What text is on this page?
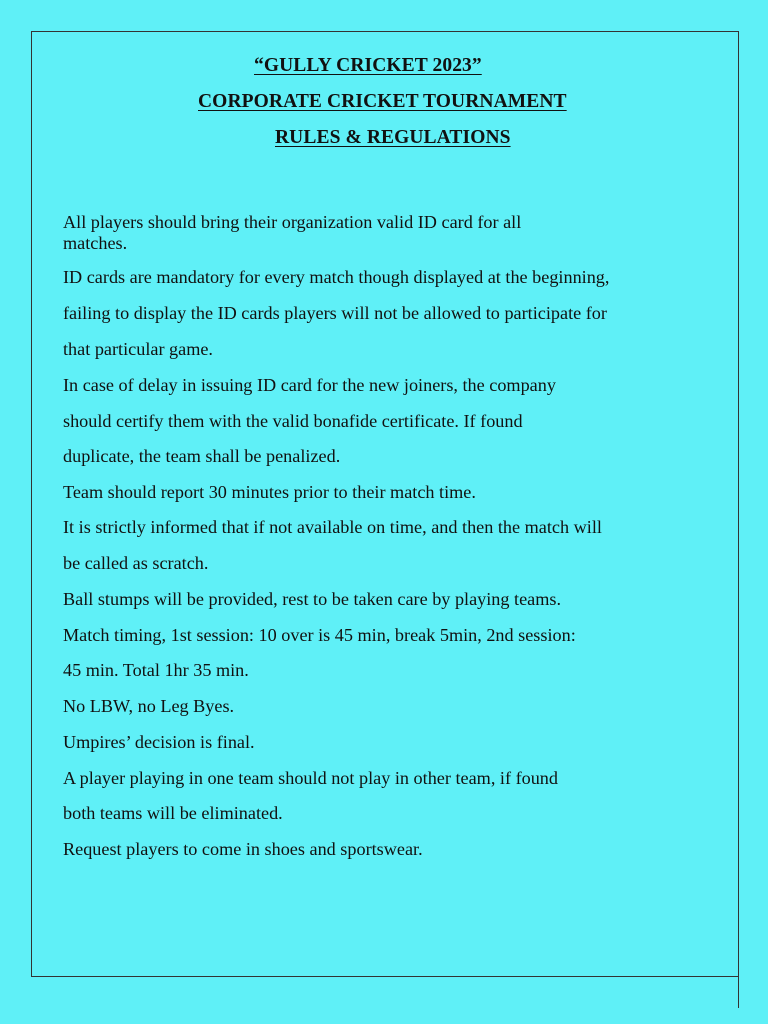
“GULLY CRICKET 2023”
CORPORATE CRICKET TOURNAMENT
RULES & REGULATIONS
All players should bring their organization valid ID card for all
matches.
ID cards are mandatory for every match though displayed at the beginning,
failing to display the ID cards players will not be allowed to participate for
that particular game.
In case of delay in issuing ID card for the new joiners, the company
should certify them with the valid bonafide certificate. If found
duplicate, the team shall be penalized.
Team should report 30 minutes prior to their match time.
It is strictly informed that if not available on time, and then the match will
be called as scratch.
Ball stumps will be provided, rest to be taken care by playing teams.
Match timing, 1st session: 10 over is 45 min, break 5min, 2nd session:
45 min. Total 1hr 35 min.
No LBW, no Leg Byes.
Umpires’ decision is final.
A player playing in one team should not play in other team, if found
both teams will be eliminated.
Request players to come in shoes and sportswear.
